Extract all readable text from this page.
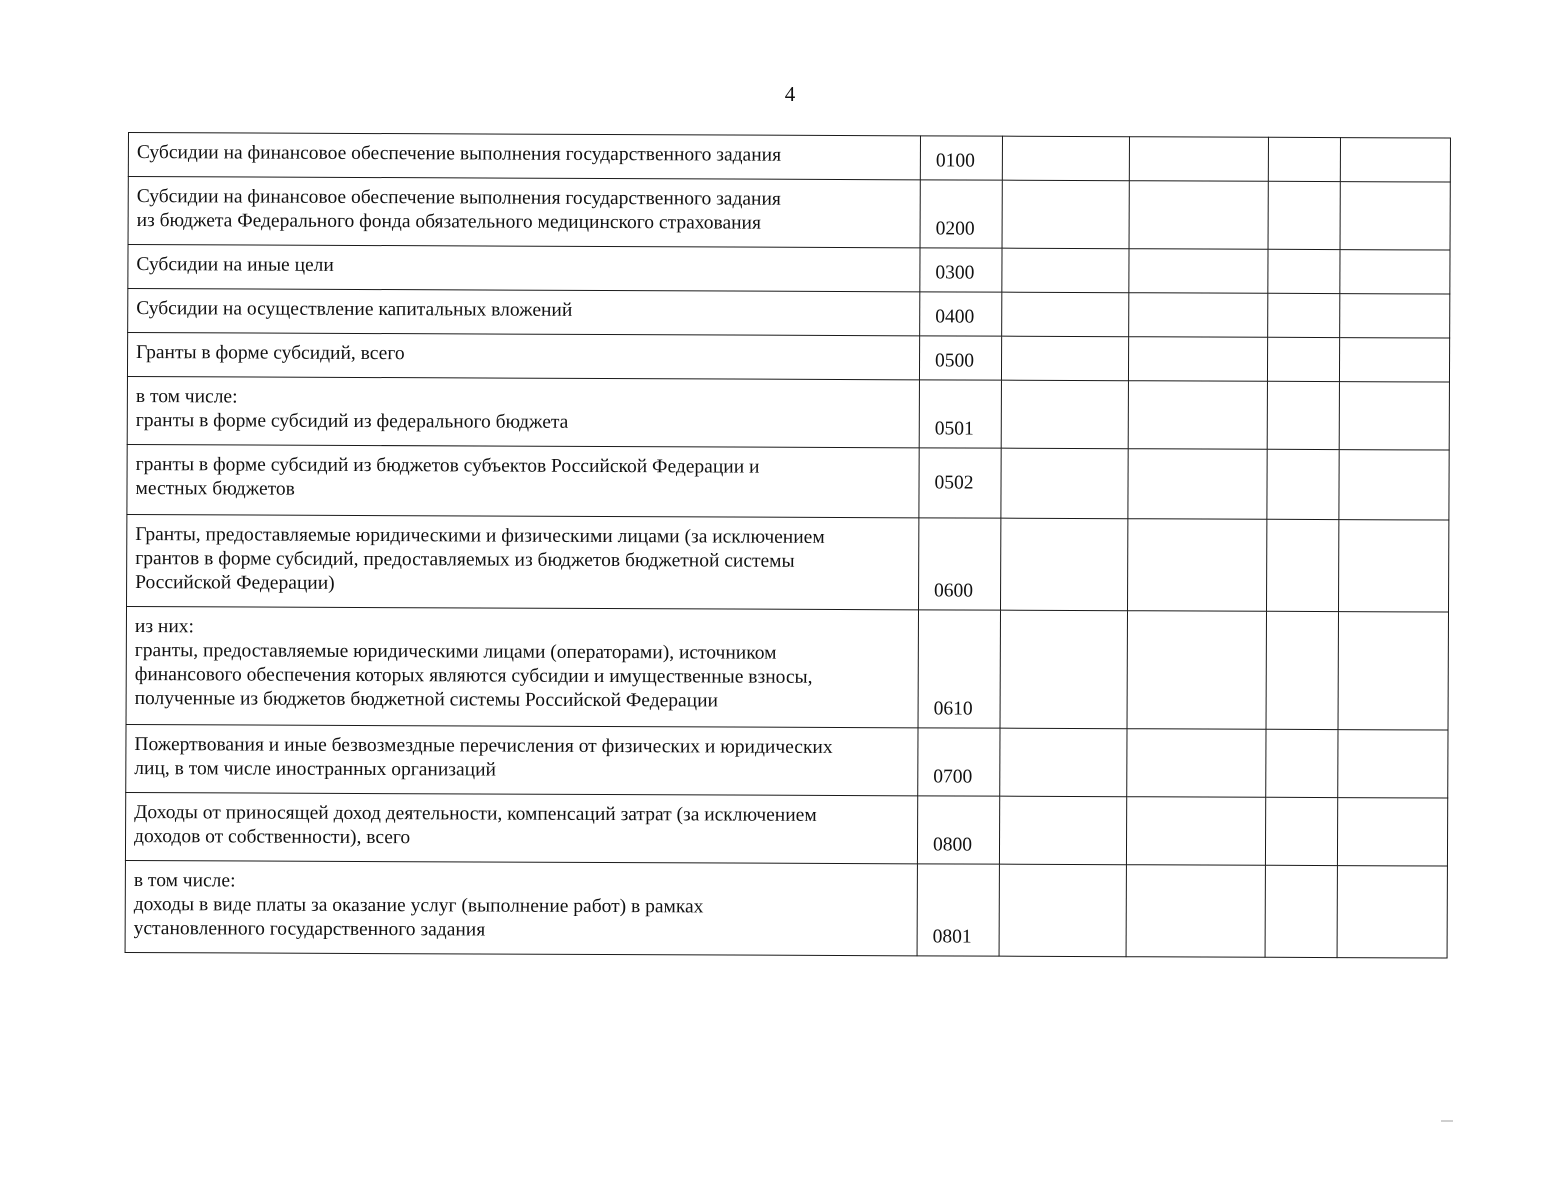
4
Субсидии на финансовое обеспечение выполнения государственного задания	0100				
Субсидии на финансовое обеспечение выполнения государственного задания
из бюджета Федерального фонда обязательного медицинского страхования	0200				
Субсидии на иные цели	0300				
Субсидии на осуществление капитальных вложений	0400				
Гранты в форме субсидий, всего	0500				
в том числе:
гранты в форме субсидий из федерального бюджета	0501				
гранты в форме субсидий из бюджетов субъектов Российской Федерации и
местных бюджетов	0502				
Гранты, предоставляемые юридическими и физическими лицами (за исключением
грантов в форме субсидий, предоставляемых из бюджетов бюджетной системы
Российской Федерации)	0600				
из них:
гранты, предоставляемые юридическими лицами (операторами), источником
финансового обеспечения которых являются субсидии и имущественные взносы,
полученные из бюджетов бюджетной системы Российской Федерации	0610				
Пожертвования и иные безвозмездные перечисления от физических и юридических
лиц, в том числе иностранных организаций	0700				
Доходы от приносящей доход деятельности, компенсаций затрат (за исключением
доходов от собственности), всего	0800				
в том числе:
доходы в виде платы за оказание услуг (выполнение работ) в рамках
установленного государственного задания	0801				
